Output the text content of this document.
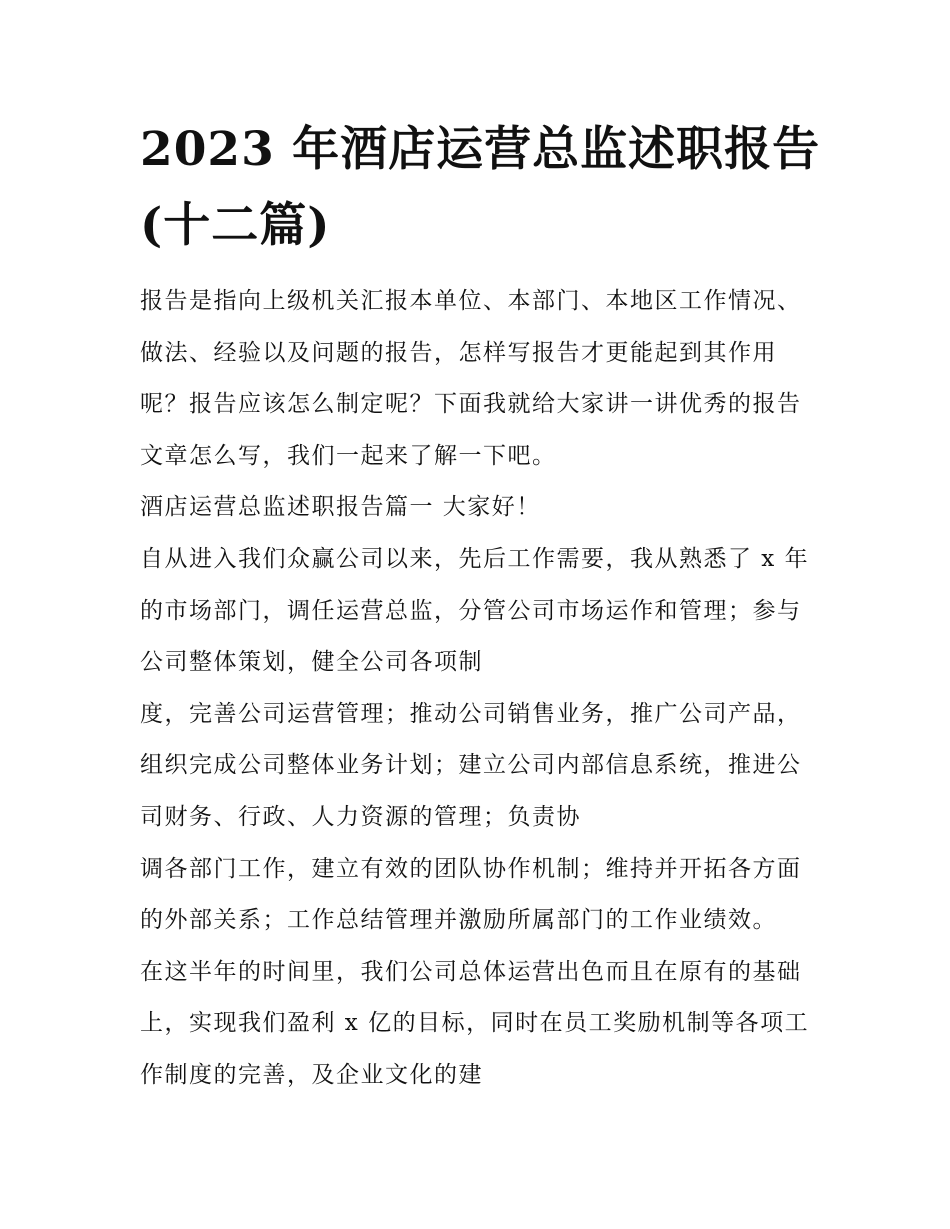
2023 年酒店运营总监述职报告
(十二篇)
报告是指向上级机关汇报本单位、本部门、本地区工作情况、
做法、经验以及问题的报告，怎样写报告才更能起到其作用
呢？报告应该怎么制定呢？下面我就给大家讲一讲优秀的报告
文章怎么写，我们一起来了解一下吧。
酒店运营总监述职报告篇一 大家好！
自从进入我们众赢公司以来，先后工作需要，我从熟悉了 x 年
的市场部门，调任运营总监，分管公司市场运作和管理；参与
公司整体策划，健全公司各项制
度，完善公司运营管理；推动公司销售业务，推广公司产品，
组织完成公司整体业务计划；建立公司内部信息系统，推进公
司财务、行政、人力资源的管理；负责协
调各部门工作，建立有效的团队协作机制；维持并开拓各方面
的外部关系；工作总结管理并激励所属部门的工作业绩效。
在这半年的时间里，我们公司总体运营出色而且在原有的基础
上，实现我们盈利 x 亿的目标，同时在员工奖励机制等各项工
作制度的完善，及企业文化的建
